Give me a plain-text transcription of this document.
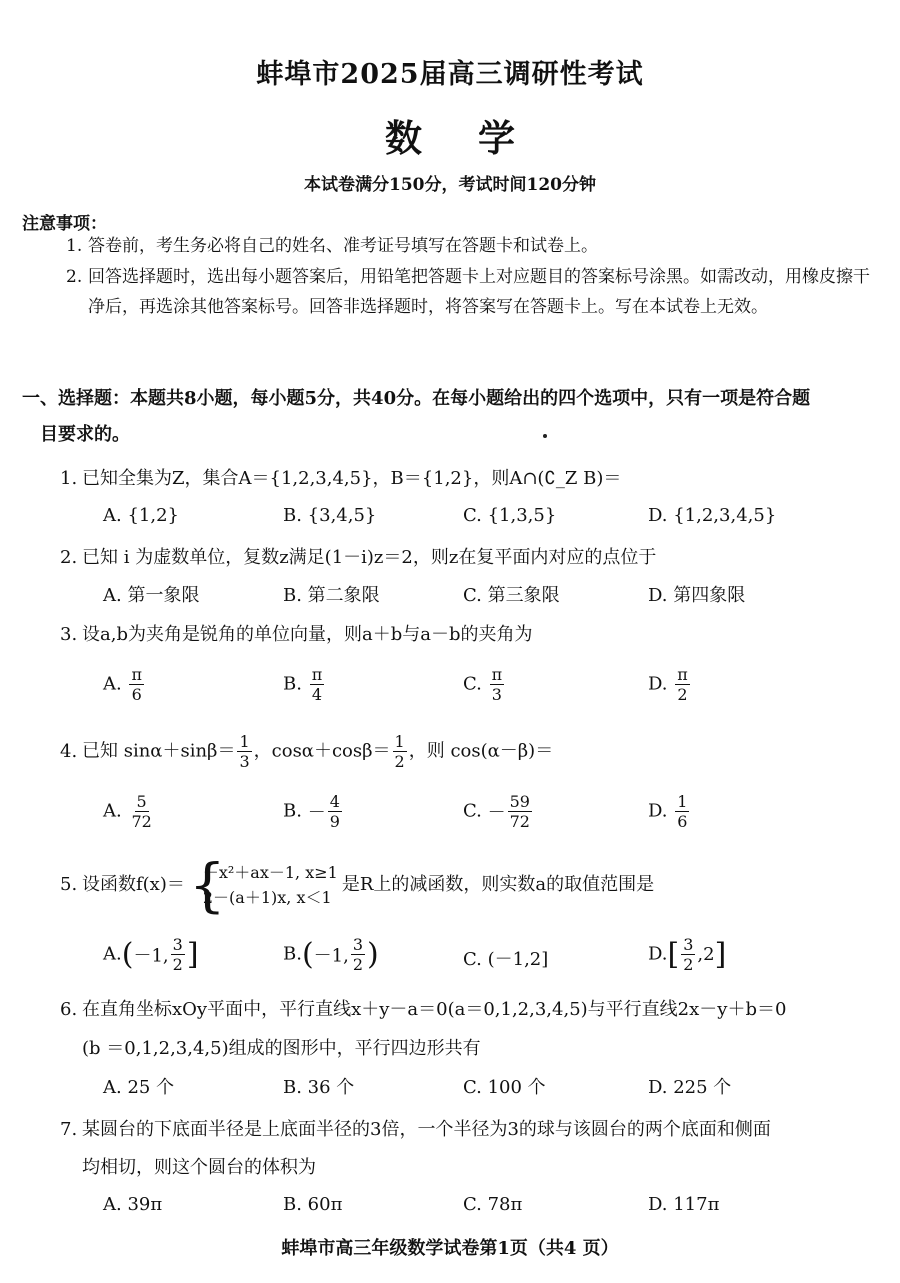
蚌埠市2025届高三调研性考试
数学
本试卷满分150分，考试时间120分钟
注意事项：
1. 答卷前，考生务必将自己的姓名、准考证号填写在答题卡和试卷上。
2. 回答选择题时，选出每小题答案后，用铅笔把答题卡上对应题目的答案标号涂黑。如需改动，用橡皮擦干净后，再选涂其他答案标号。回答非选择题时，将答案写在答题卡上。写在本试卷上无效。
一、选择题：本题共8小题，每小题5分，共40分。在每小题给出的四个选项中，只有一项是符合题
目要求的。
1. 已知全集为Z，集合A＝{1,2,3,4,5}，B＝{1,2}，则A∩(∁_Z B)＝
A. {1,2}	B. {3,4,5}	C. {1,3,5}	D. {1,2,3,4,5}
2. 已知 i 为虚数单位，复数z满足(1－i)z＝2，则z在复平面内对应的点位于
A. 第一象限	B. 第二象限	C. 第三象限	D. 第四象限
3. 设a,b为夹角是锐角的单位向量，则a＋b与a－b的夹角为
A. $\frac{\pi}{6}$	B. $\frac{\pi}{4}$	C. $\frac{\pi}{3}$	D. $\frac{\pi}{2}$
4. 已知 $\sin\alpha+\sin\beta= \frac{1}{3}$ ，$\cos\alpha+\cos\beta= \frac{1}{2}$ ，则 cos(α－β)＝
A. $\frac{5}{72}$	B. － $\frac{4}{9}$	C. － $\frac{59}{72}$	D. $\frac{1}{6}$
5. 设函数f(x)＝ {
－x²＋ax－1, x≥1
2－(a＋1)x, x＜1
是R上的减函数，则实数a的取值范围是
A.(－1, $\frac{3}{2}$ ]	B.(－1, $\frac{3}{2}$ )	C. (－1,2]	$D.[ \frac{3}{2} ,2]$
6. 在直角坐标xOy平面中，平行直线x＋y－a＝0(a＝0,1,2,3,4,5)与平行直线2x－y＋b＝0
(b ＝0,1,2,3,4,5)组成的图形中，平行四边形共有
A. 25 个	B. 36 个	C. 100 个	D. 225 个
7. 某圆台的下底面半径是上底面半径的3倍，一个半径为3的球与该圆台的两个底面和侧面
均相切，则这个圆台的体积为
A. 39π	B. 60π	C. 78π	D. 117π
蚌埠市高三年级数学试卷第1页（共4 页）
